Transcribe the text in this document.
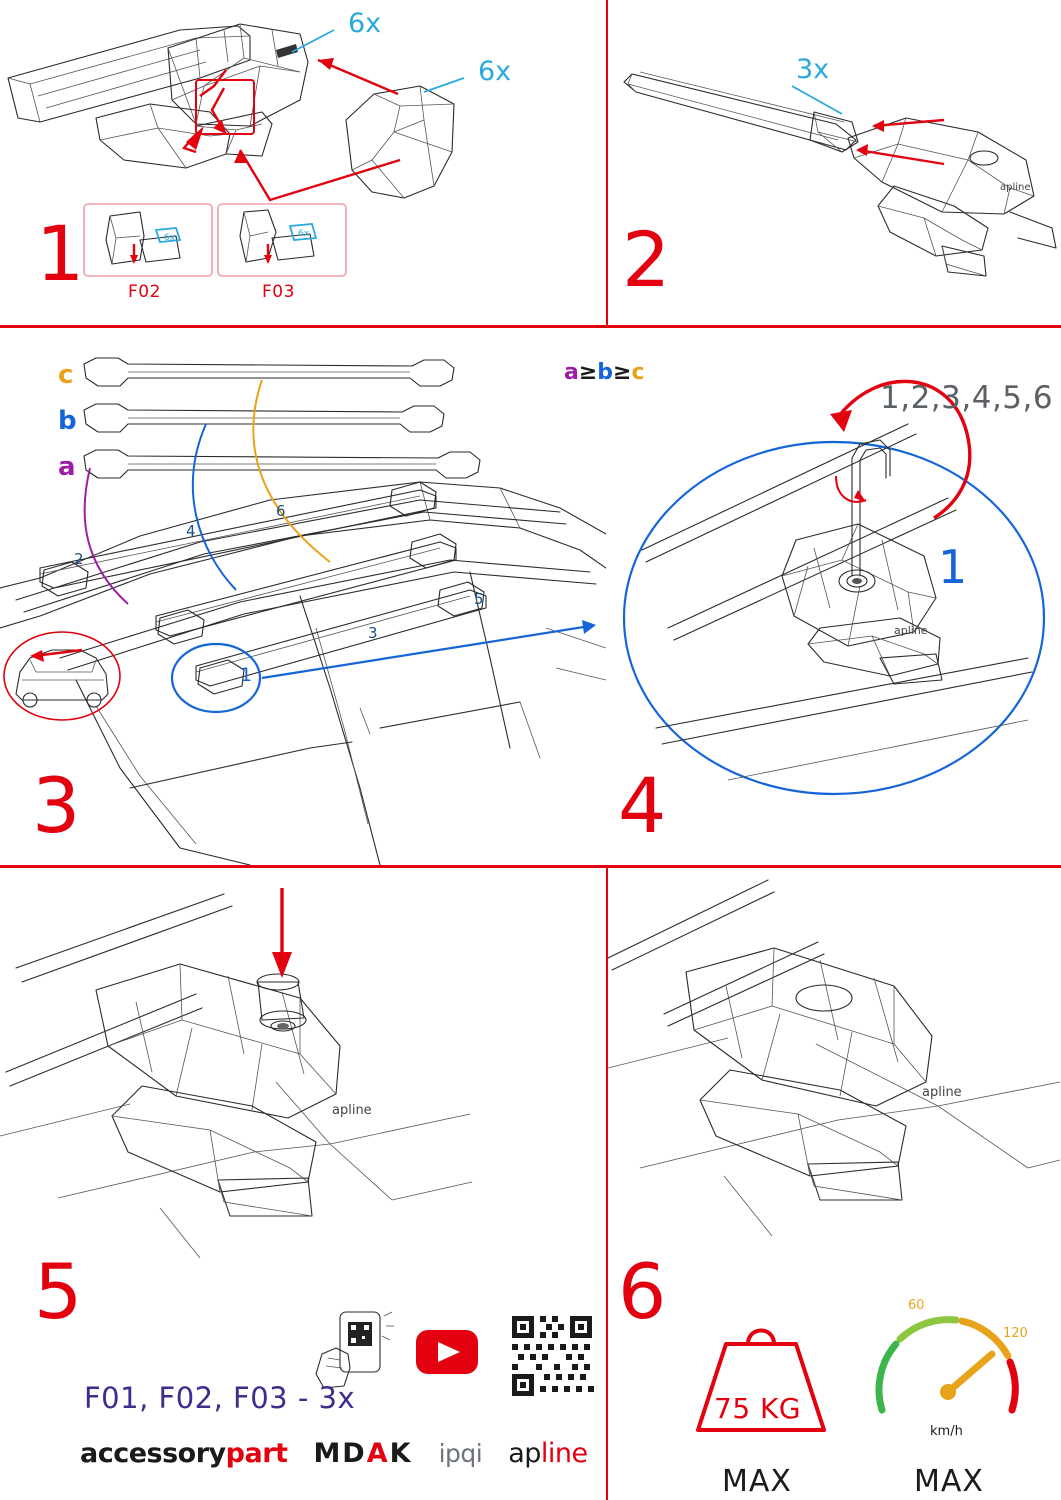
6x	6x
6x
6x
F02	F03
1
apline
3x
2
c
b
a
2
4
6
3
5
1
3
a≥b≥c
apline
1,2,3,4,5,6
1
4
apline
5
F01, F02, F03 - 3x
accessorypart MDAK ipqi apline
apline
6
75 KG
MAX
60
120
km/h
MAX
